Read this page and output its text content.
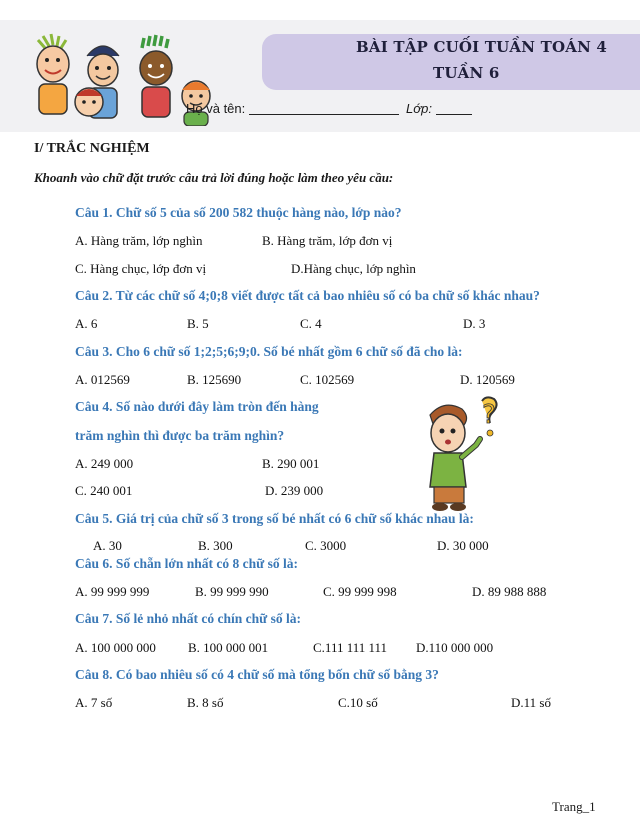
BÀI TẬP CUỐI TUẦN TOÁN 4
TUẦN 6
Họ và tên:	Lớp:
I/ TRẮC NGHIỆM
Khoanh vào chữ đặt trước câu trả lời đúng hoặc làm theo yêu cầu:
Câu 1. Chữ số 5 của số 200 582 thuộc hàng nào, lớp nào?
A. Hàng trăm, lớp nghìn	B. Hàng trăm, lớp đơn vị
C. Hàng chục, lớp đơn vị	D.Hàng chục, lớp nghìn
Câu 2. Từ các chữ số 4;0;8 viết được tất cả bao nhiêu số có ba chữ số khác nhau?
A. 6	B. 5	C. 4	D. 3
Câu 3. Cho 6 chữ số 1;2;5;6;9;0. Số bé nhất gồm 6 chữ số đã cho là:
A. 012569	B. 125690	C. 102569	D. 120569
Câu 4. Số nào dưới đây làm tròn đến hàng
trăm nghìn thì được ba trăm nghìn?
A. 249 000	B. 290 001
C. 240 001	D. 239 000
?
Câu 5. Giá trị của chữ số 3 trong số bé nhất có 6 chữ số khác nhau là:
A. 30	B. 300	C. 3000	D. 30 000
Câu 6. Số chẵn lớn nhất có 8 chữ số là:
A. 99 999 999	B. 99 999 990	C. 99 999 998	D. 89 988 888
Câu 7. Số lẻ nhỏ nhất có chín chữ số là:
A. 100 000 000 B. 100 000 001	C.111 111 111 D.110 000 000
Câu 8. Có bao nhiêu số có 4 chữ số mà tổng bốn chữ số bằng 3?
A. 7 số	B. 8 số	C.10 số	D.11 số
Trang_1
